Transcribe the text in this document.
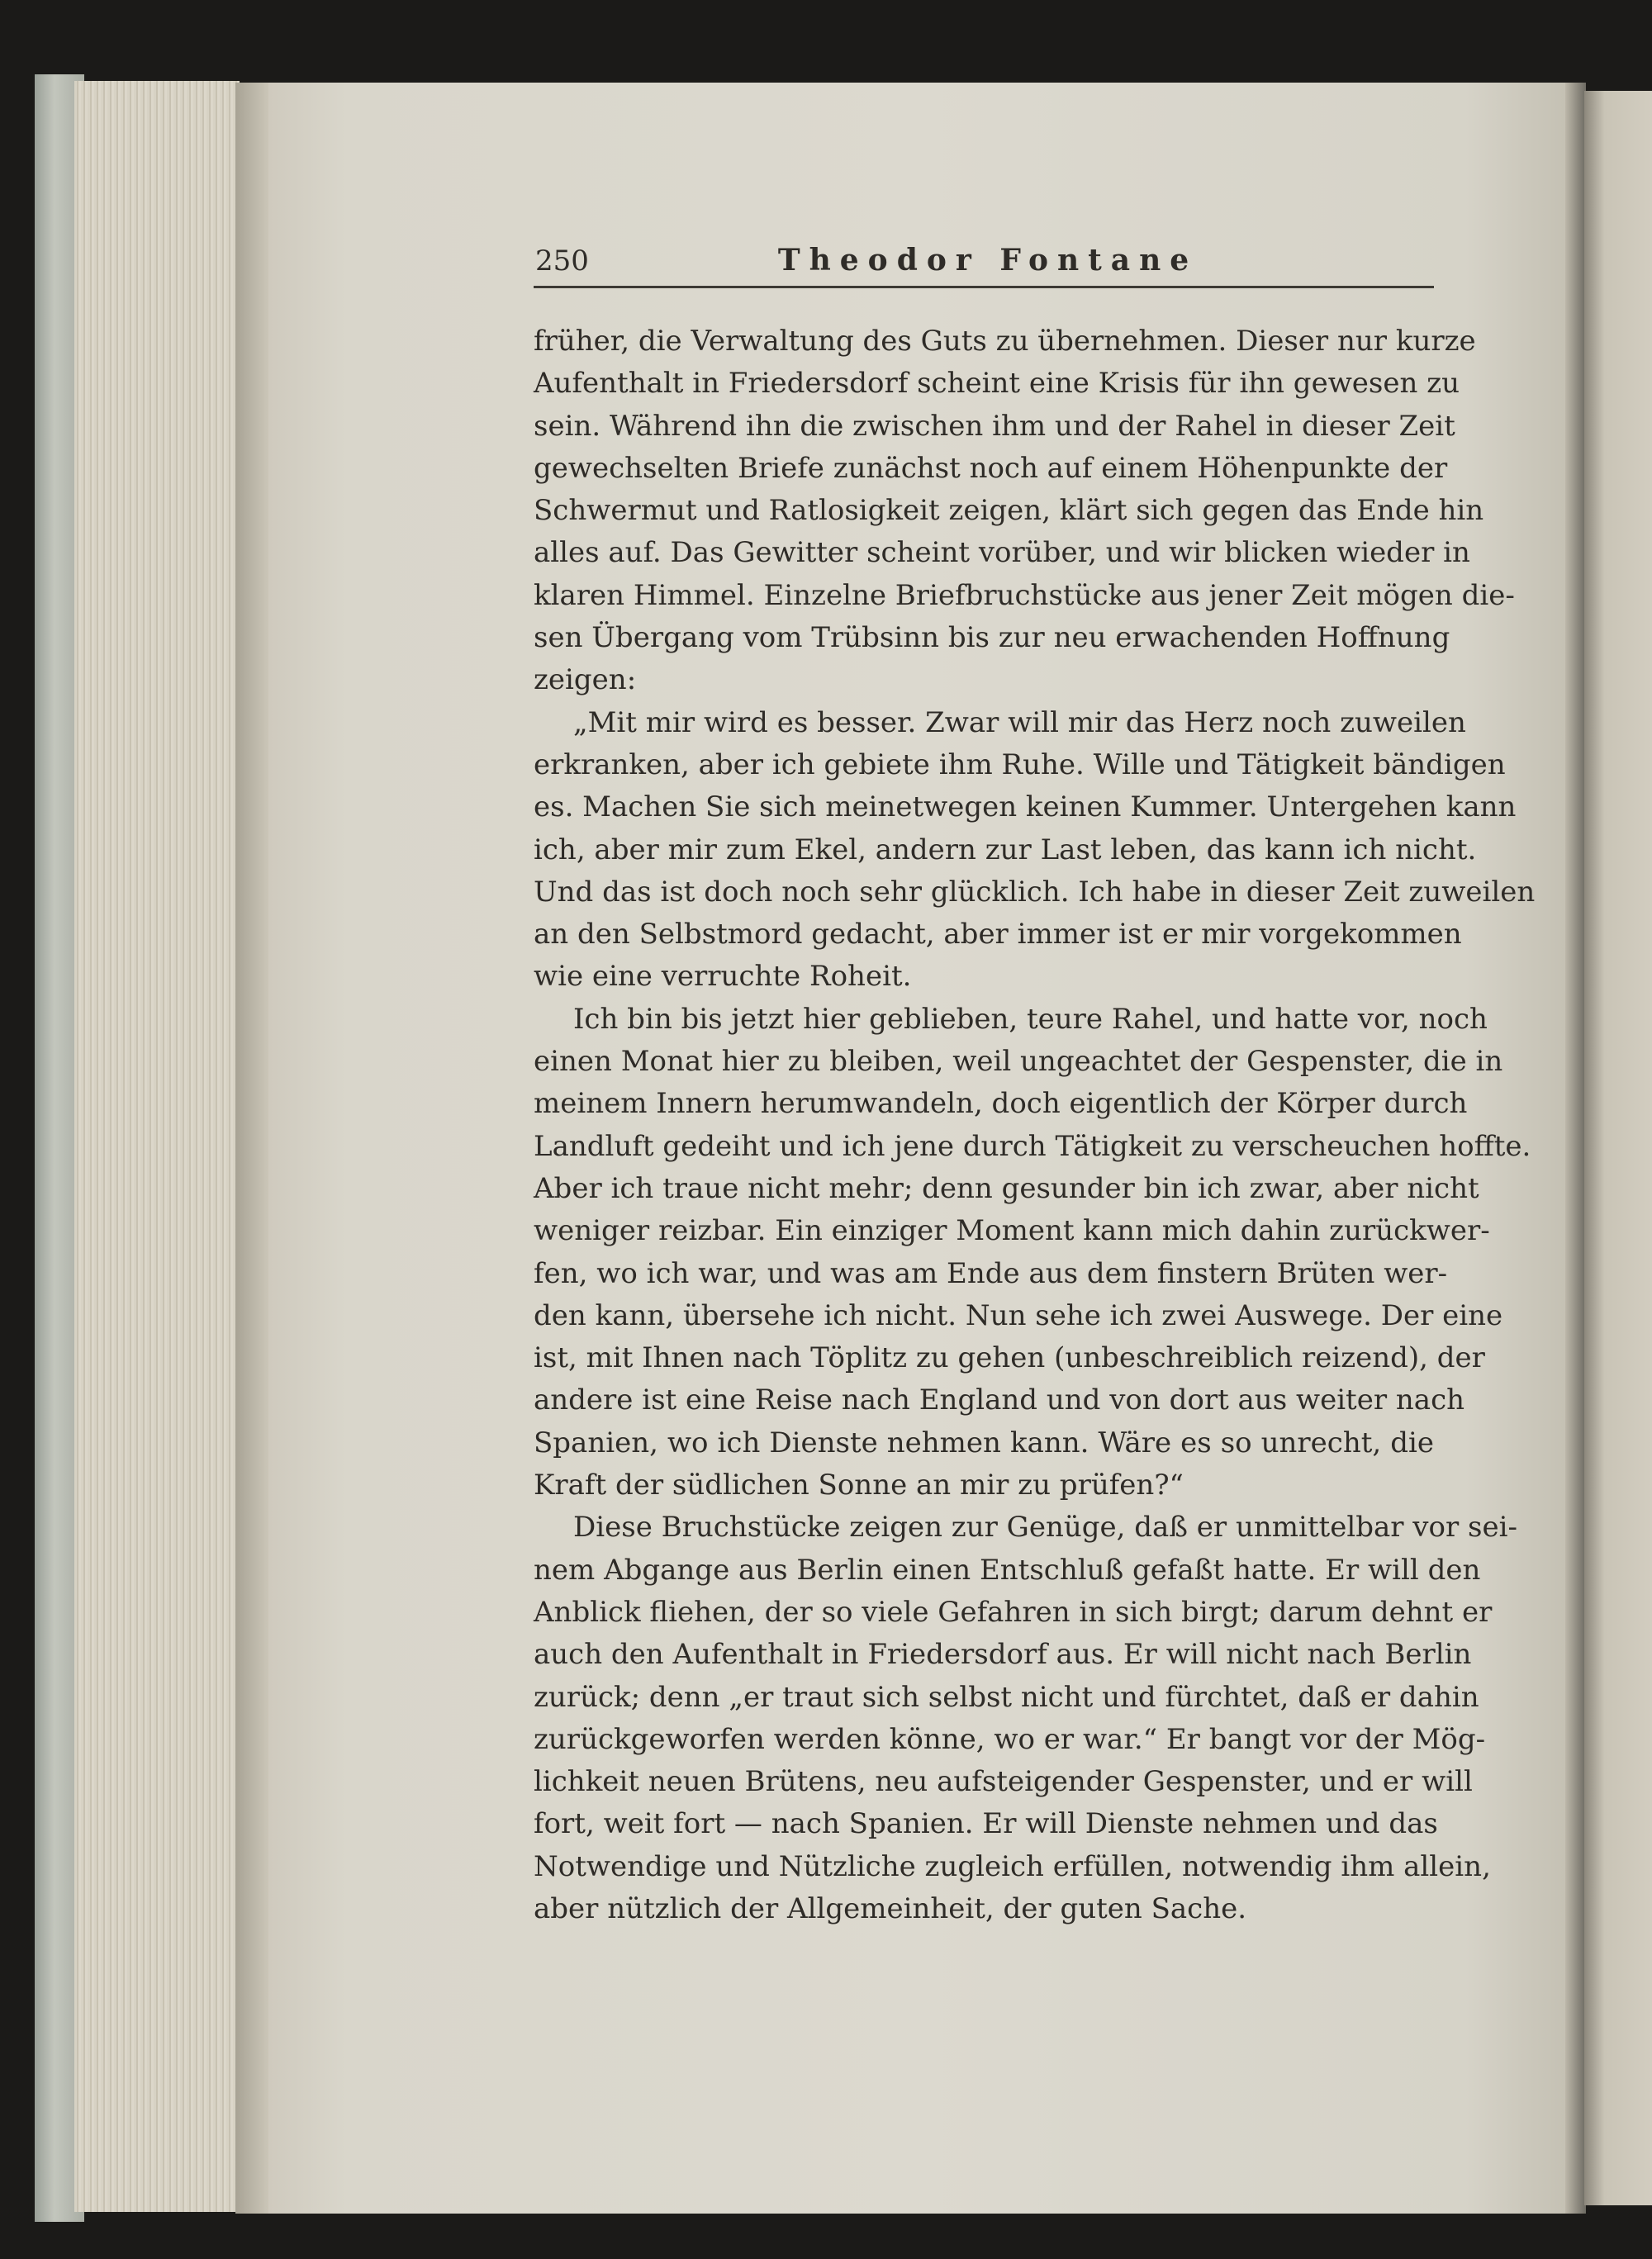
250	Theodor Fontane
früher, die Verwaltung des Guts zu übernehmen. Dieser nur kurze
Aufenthalt in Friedersdorf scheint eine Krisis für ihn gewesen zu
sein. Während ihn die zwischen ihm und der Rahel in dieser Zeit
gewechselten Briefe zunächst noch auf einem Höhenpunkte der
Schwermut und Ratlosigkeit zeigen, klärt sich gegen das Ende hin
alles auf. Das Gewitter scheint vorüber, und wir blicken wieder in
klaren Himmel. Einzelne Briefbruchstücke aus jener Zeit mögen die-
sen Übergang vom Trübsinn bis zur neu erwachenden Hoffnung
zeigen:
„Mit mir wird es besser. Zwar will mir das Herz noch zuweilen
erkranken, aber ich gebiete ihm Ruhe. Wille und Tätigkeit bändigen
es. Machen Sie sich meinetwegen keinen Kummer. Untergehen kann
ich, aber mir zum Ekel, andern zur Last leben, das kann ich nicht.
Und das ist doch noch sehr glücklich. Ich habe in dieser Zeit zuweilen
an den Selbstmord gedacht, aber immer ist er mir vorgekommen
wie eine verruchte Roheit.
Ich bin bis jetzt hier geblieben, teure Rahel, und hatte vor, noch
einen Monat hier zu bleiben, weil ungeachtet der Gespenster, die in
meinem Innern herumwandeln, doch eigentlich der Körper durch
Landluft gedeiht und ich jene durch Tätigkeit zu verscheuchen hoffte.
Aber ich traue nicht mehr; denn gesunder bin ich zwar, aber nicht
weniger reizbar. Ein einziger Moment kann mich dahin zurückwer-
fen, wo ich war, und was am Ende aus dem finstern Brüten wer-
den kann, übersehe ich nicht. Nun sehe ich zwei Auswege. Der eine
ist, mit Ihnen nach Töplitz zu gehen (unbeschreiblich reizend), der
andere ist eine Reise nach England und von dort aus weiter nach
Spanien, wo ich Dienste nehmen kann. Wäre es so unrecht, die
Kraft der südlichen Sonne an mir zu prüfen?“
Diese Bruchstücke zeigen zur Genüge, daß er unmittelbar vor sei-
nem Abgange aus Berlin einen Entschluß gefaßt hatte. Er will den
Anblick fliehen, der so viele Gefahren in sich birgt; darum dehnt er
auch den Aufenthalt in Friedersdorf aus. Er will nicht nach Berlin
zurück; denn „er traut sich selbst nicht und fürchtet, daß er dahin
zurückgeworfen werden könne, wo er war.“ Er bangt vor der Mög-
lichkeit neuen Brütens, neu aufsteigender Gespenster, und er will
fort, weit fort — nach Spanien. Er will Dienste nehmen und das
Notwendige und Nützliche zugleich erfüllen, notwendig ihm allein,
aber nützlich der Allgemeinheit, der guten Sache.
